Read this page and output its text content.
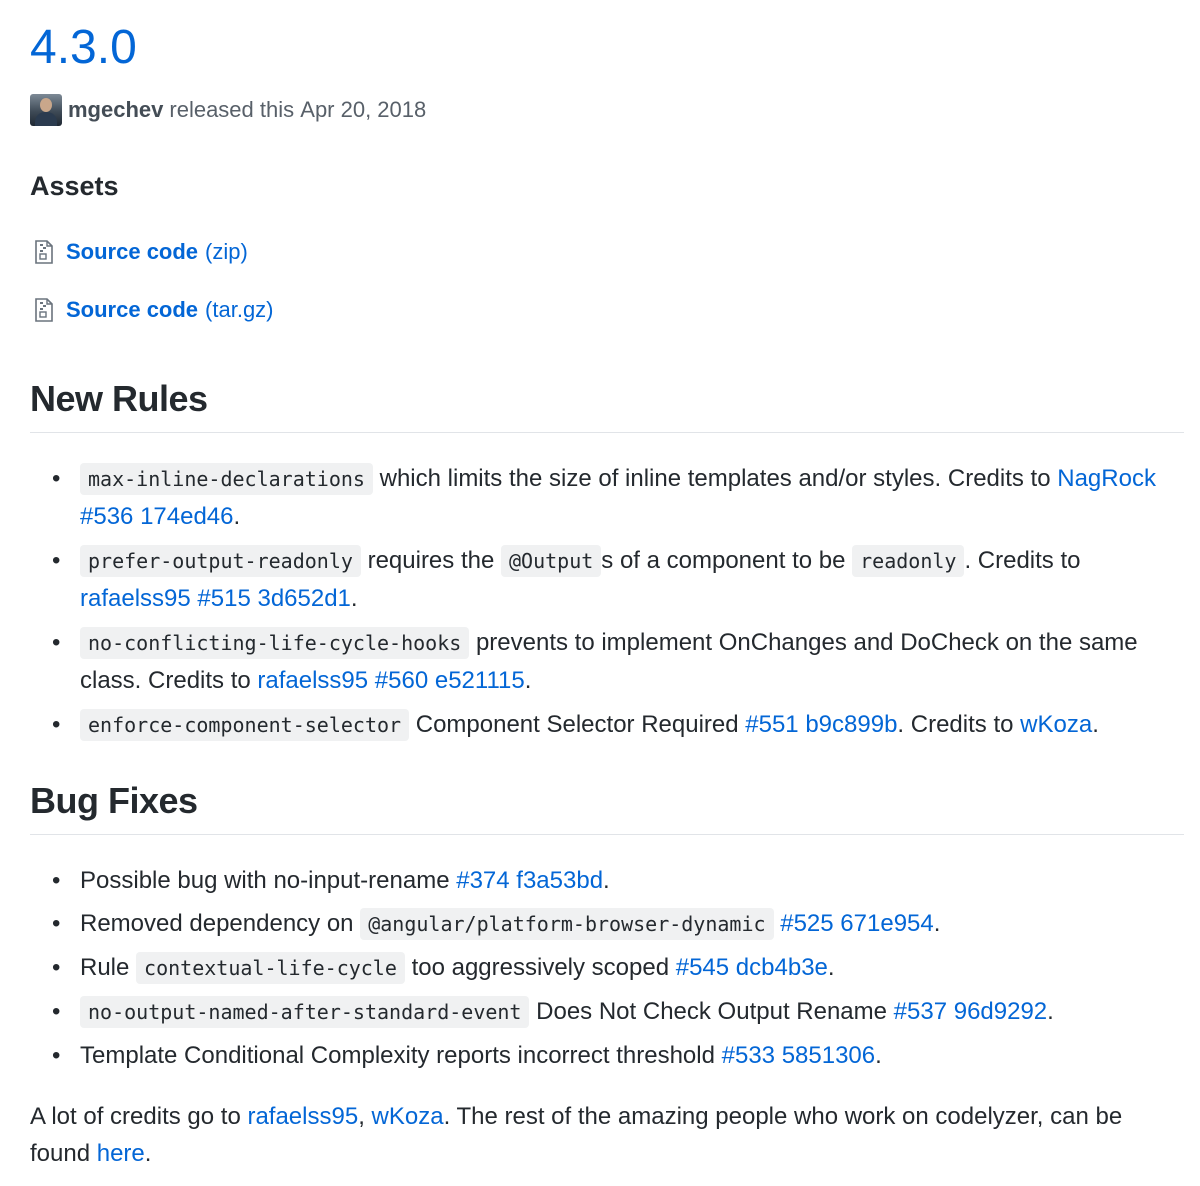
4.3.0
mgechev released this
Apr 20, 2018
Assets
Source code (zip)
Source code (tar.gz)
New Rules
• max-inline-declarations which limits the size of inline templates and/or styles. Credits to NagRock #536 174ed46.
• prefer-output-readonly requires the @Output s of a component to be readonly . Credits to rafaelss95 #515 3d652d1.
• no-conflicting-life-cycle-hooks prevents to implement OnChanges and DoCheck on the same class. Credits to rafaelss95 #560 e521115.
• enforce-component-selector Component Selector Required #551 b9c899b. Credits to wKoza.
Bug Fixes
• Possible bug with no-input-rename #374 f3a53bd.
• Removed dependency on @angular/platform-browser-dynamic #525 671e954.
• Rule contextual-life-cycle too aggressively scoped #545 dcb4b3e.
• no-output-named-after-standard-event Does Not Check Output Rename #537 96d9292.
• Template Conditional Complexity reports incorrect threshold #533 5851306.

A lot of credits go to rafaelss95, wKoza. The rest of the amazing people who work on codelyzer, can be found here.
